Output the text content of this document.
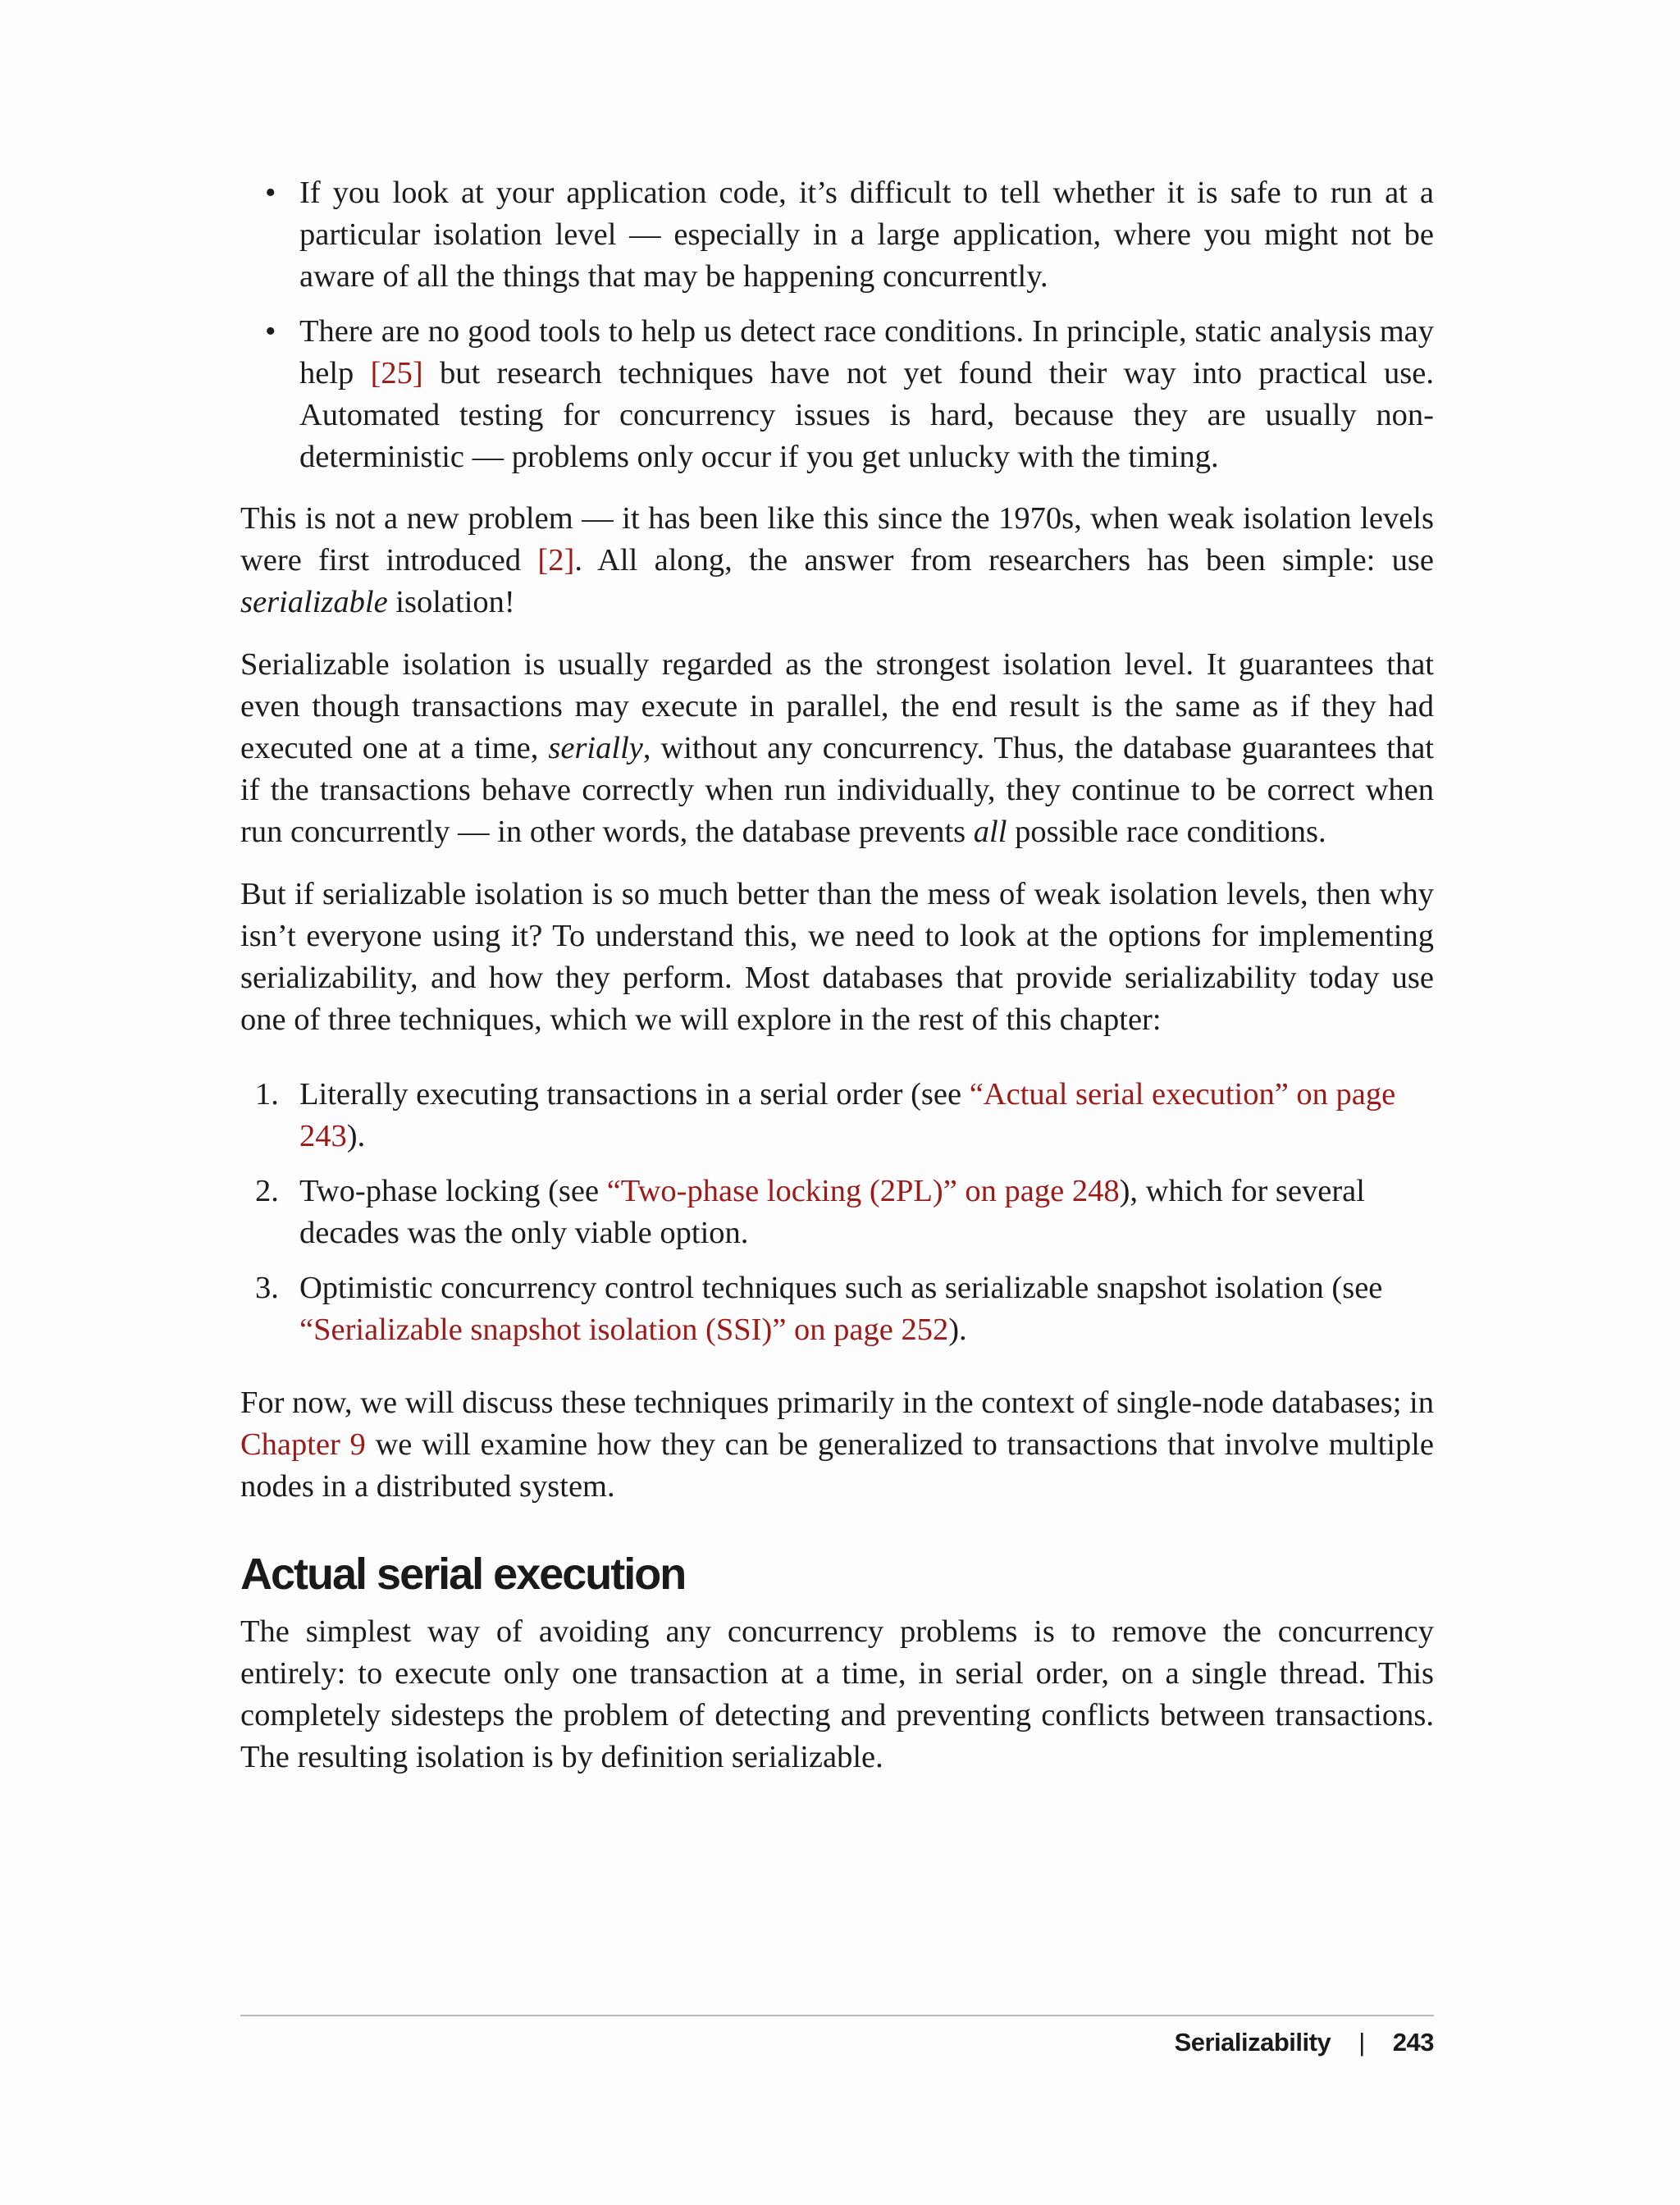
• If you look at your application code, it’s difficult to tell whether it is safe to run at a particular isolation level — especially in a large application, where you might not be aware of all the things that may be happening concurrently.
• There are no good tools to help us detect race conditions. In principle, static analysis may help [25] but research techniques have not yet found their way into practical use. Automated testing for concurrency issues is hard, because they are usually non-deterministic — problems only occur if you get unlucky with the timing.

This is not a new problem — it has been like this since the 1970s, when weak isolation levels were first introduced [2]. All along, the answer from researchers has been simple: use serializable isolation!

Serializable isolation is usually regarded as the strongest isolation level. It guarantees that even though transactions may execute in parallel, the end result is the same as if they had executed one at a time, serially, without any concurrency. Thus, the database guarantees that if the transactions behave correctly when run individually, they continue to be correct when run concurrently — in other words, the database prevents all possible race conditions.

But if serializable isolation is so much better than the mess of weak isolation levels, then why isn’t everyone using it? To understand this, we need to look at the options for implementing serializability, and how they perform. Most databases that provide serializability today use one of three techniques, which we will explore in the rest of this chapter:

1. Literally executing transactions in a serial order (see “Actual serial execution” on page 243).
2. Two-phase locking (see “Two-phase locking (2PL)” on page 248), which for several decades was the only viable option.
3. Optimistic concurrency control techniques such as serializable snapshot isolation (see “Serializable snapshot isolation (SSI)” on page 252).

For now, we will discuss these techniques primarily in the context of single-node databases; in Chapter 9 we will examine how they can be generalized to transactions that involve multiple nodes in a distributed system.

Actual serial execution

The simplest way of avoiding any concurrency problems is to remove the concurrency entirely: to execute only one transaction at a time, in serial order, on a single thread. This completely sidesteps the problem of detecting and preventing conflicts between transactions. The resulting isolation is by definition serializable.

Serializability | 243
